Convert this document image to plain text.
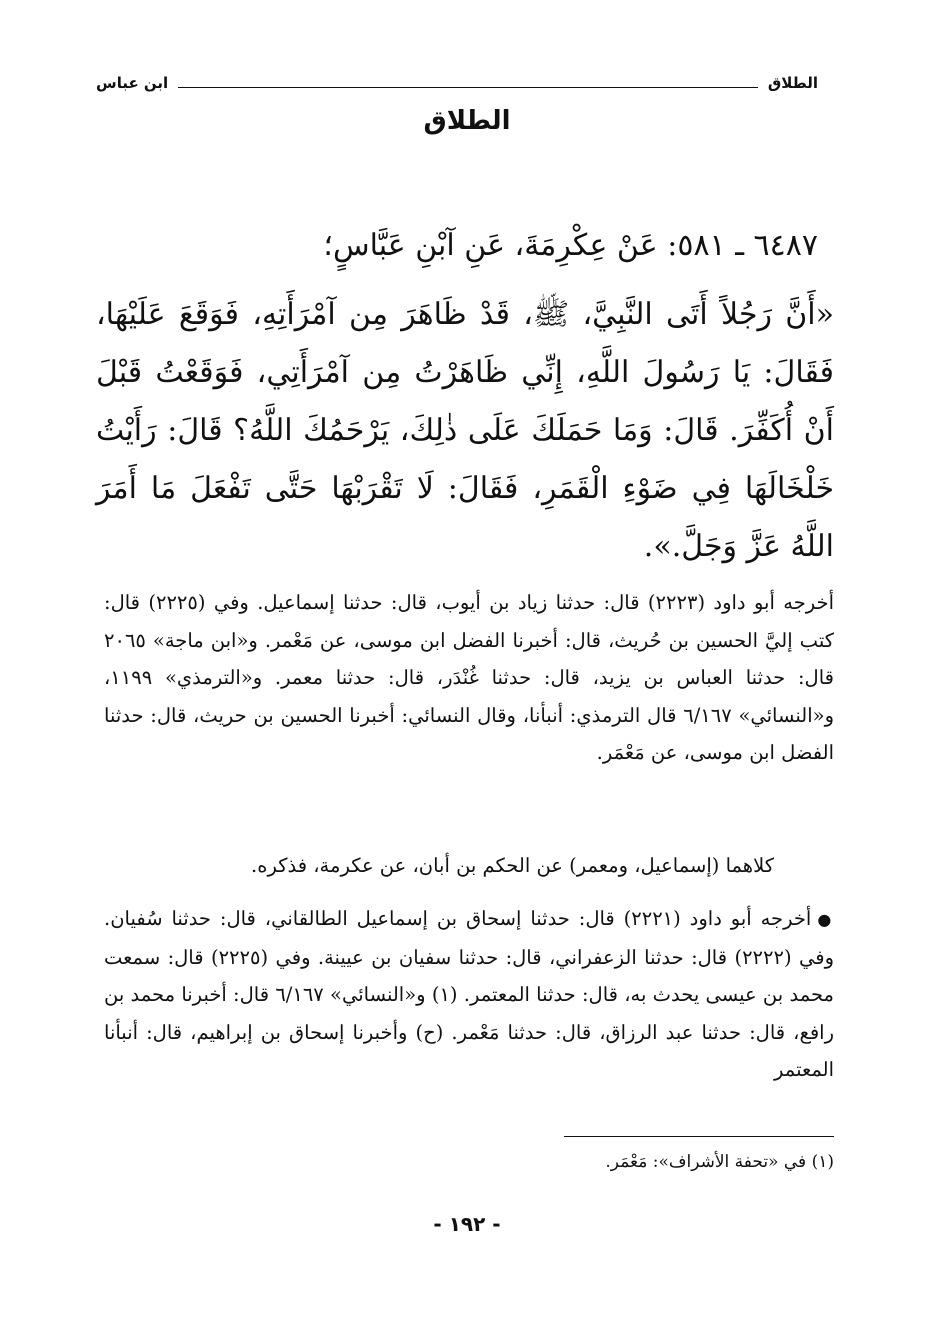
الطلاق
ابن عباس
الطلاق
٦٤٨٧ ـ ٥٨١: عَنْ عِكْرِمَةَ، عَنِ آبْنِ عَبَّاسٍ؛
«أَنَّ رَجُلاً أَتَى النَّبِيَّ، ﷺ، قَدْ ظَاهَرَ مِن آمْرَأَتِهِ، فَوَقَعَ عَلَيْهَا، فَقَالَ: يَا رَسُولَ اللَّهِ، إِنِّي ظَاهَرْتُ مِن آمْرَأَتِي، فَوَقَعْتُ قَبْلَ أَنْ أُكَفِّرَ. قَالَ: وَمَا حَمَلَكَ عَلَى ذٰلِكَ، يَرْحَمُكَ اللَّهُ؟ قَالَ: رَأَيْتُ خَلْخَالَهَا فِي ضَوْءِ الْقَمَرِ، فَقَالَ: لَا تَقْرَبْهَا حَتَّى تَفْعَلَ مَا أَمَرَ اللَّهُ عَزَّ وَجَلَّ.».
أخرجه أبو داود (٢٢٢٣) قال: حدثنا زياد بن أيوب، قال: حدثنا إسماعيل. وفي (٢٢٢٥) قال: كتب إليَّ الحسين بن حُريث، قال: أخبرنا الفضل ابن موسى، عن مَعْمر. و«ابن ماجة» ٢٠٦٥ قال: حدثنا العباس بن يزيد، قال: حدثنا غُنْدَر، قال: حدثنا معمر. و«الترمذي» ١١٩٩، و«النسائي» ٦/١٦٧ قال الترمذي: أنبأنا، وقال النسائي: أخبرنا الحسين بن حريث، قال: حدثنا الفضل ابن موسى، عن مَعْمَر.
كلاهما (إسماعيل، ومعمر) عن الحكم بن أبان، عن عكرمة، فذكره.
●أخرجه أبو داود (٢٢٢١) قال: حدثنا إسحاق بن إسماعيل الطالقاني، قال: حدثنا سُفيان. وفي (٢٢٢٢) قال: حدثنا الزعفراني، قال: حدثنا سفيان بن عيينة. وفي (٢٢٢٥) قال: سمعت محمد بن عيسى يحدث به، قال: حدثنا المعتمر. (١) و«النسائي» ٦/١٦٧ قال: أخبرنا محمد بن رافع، قال: حدثنا عبد الرزاق، قال: حدثنا مَعْمر. (ح) وأخبرنا إسحاق بن إبراهيم، قال: أنبأنا المعتمر
(١) في «تحفة الأشراف»: مَعْمَر.
- ١٩٢ -
